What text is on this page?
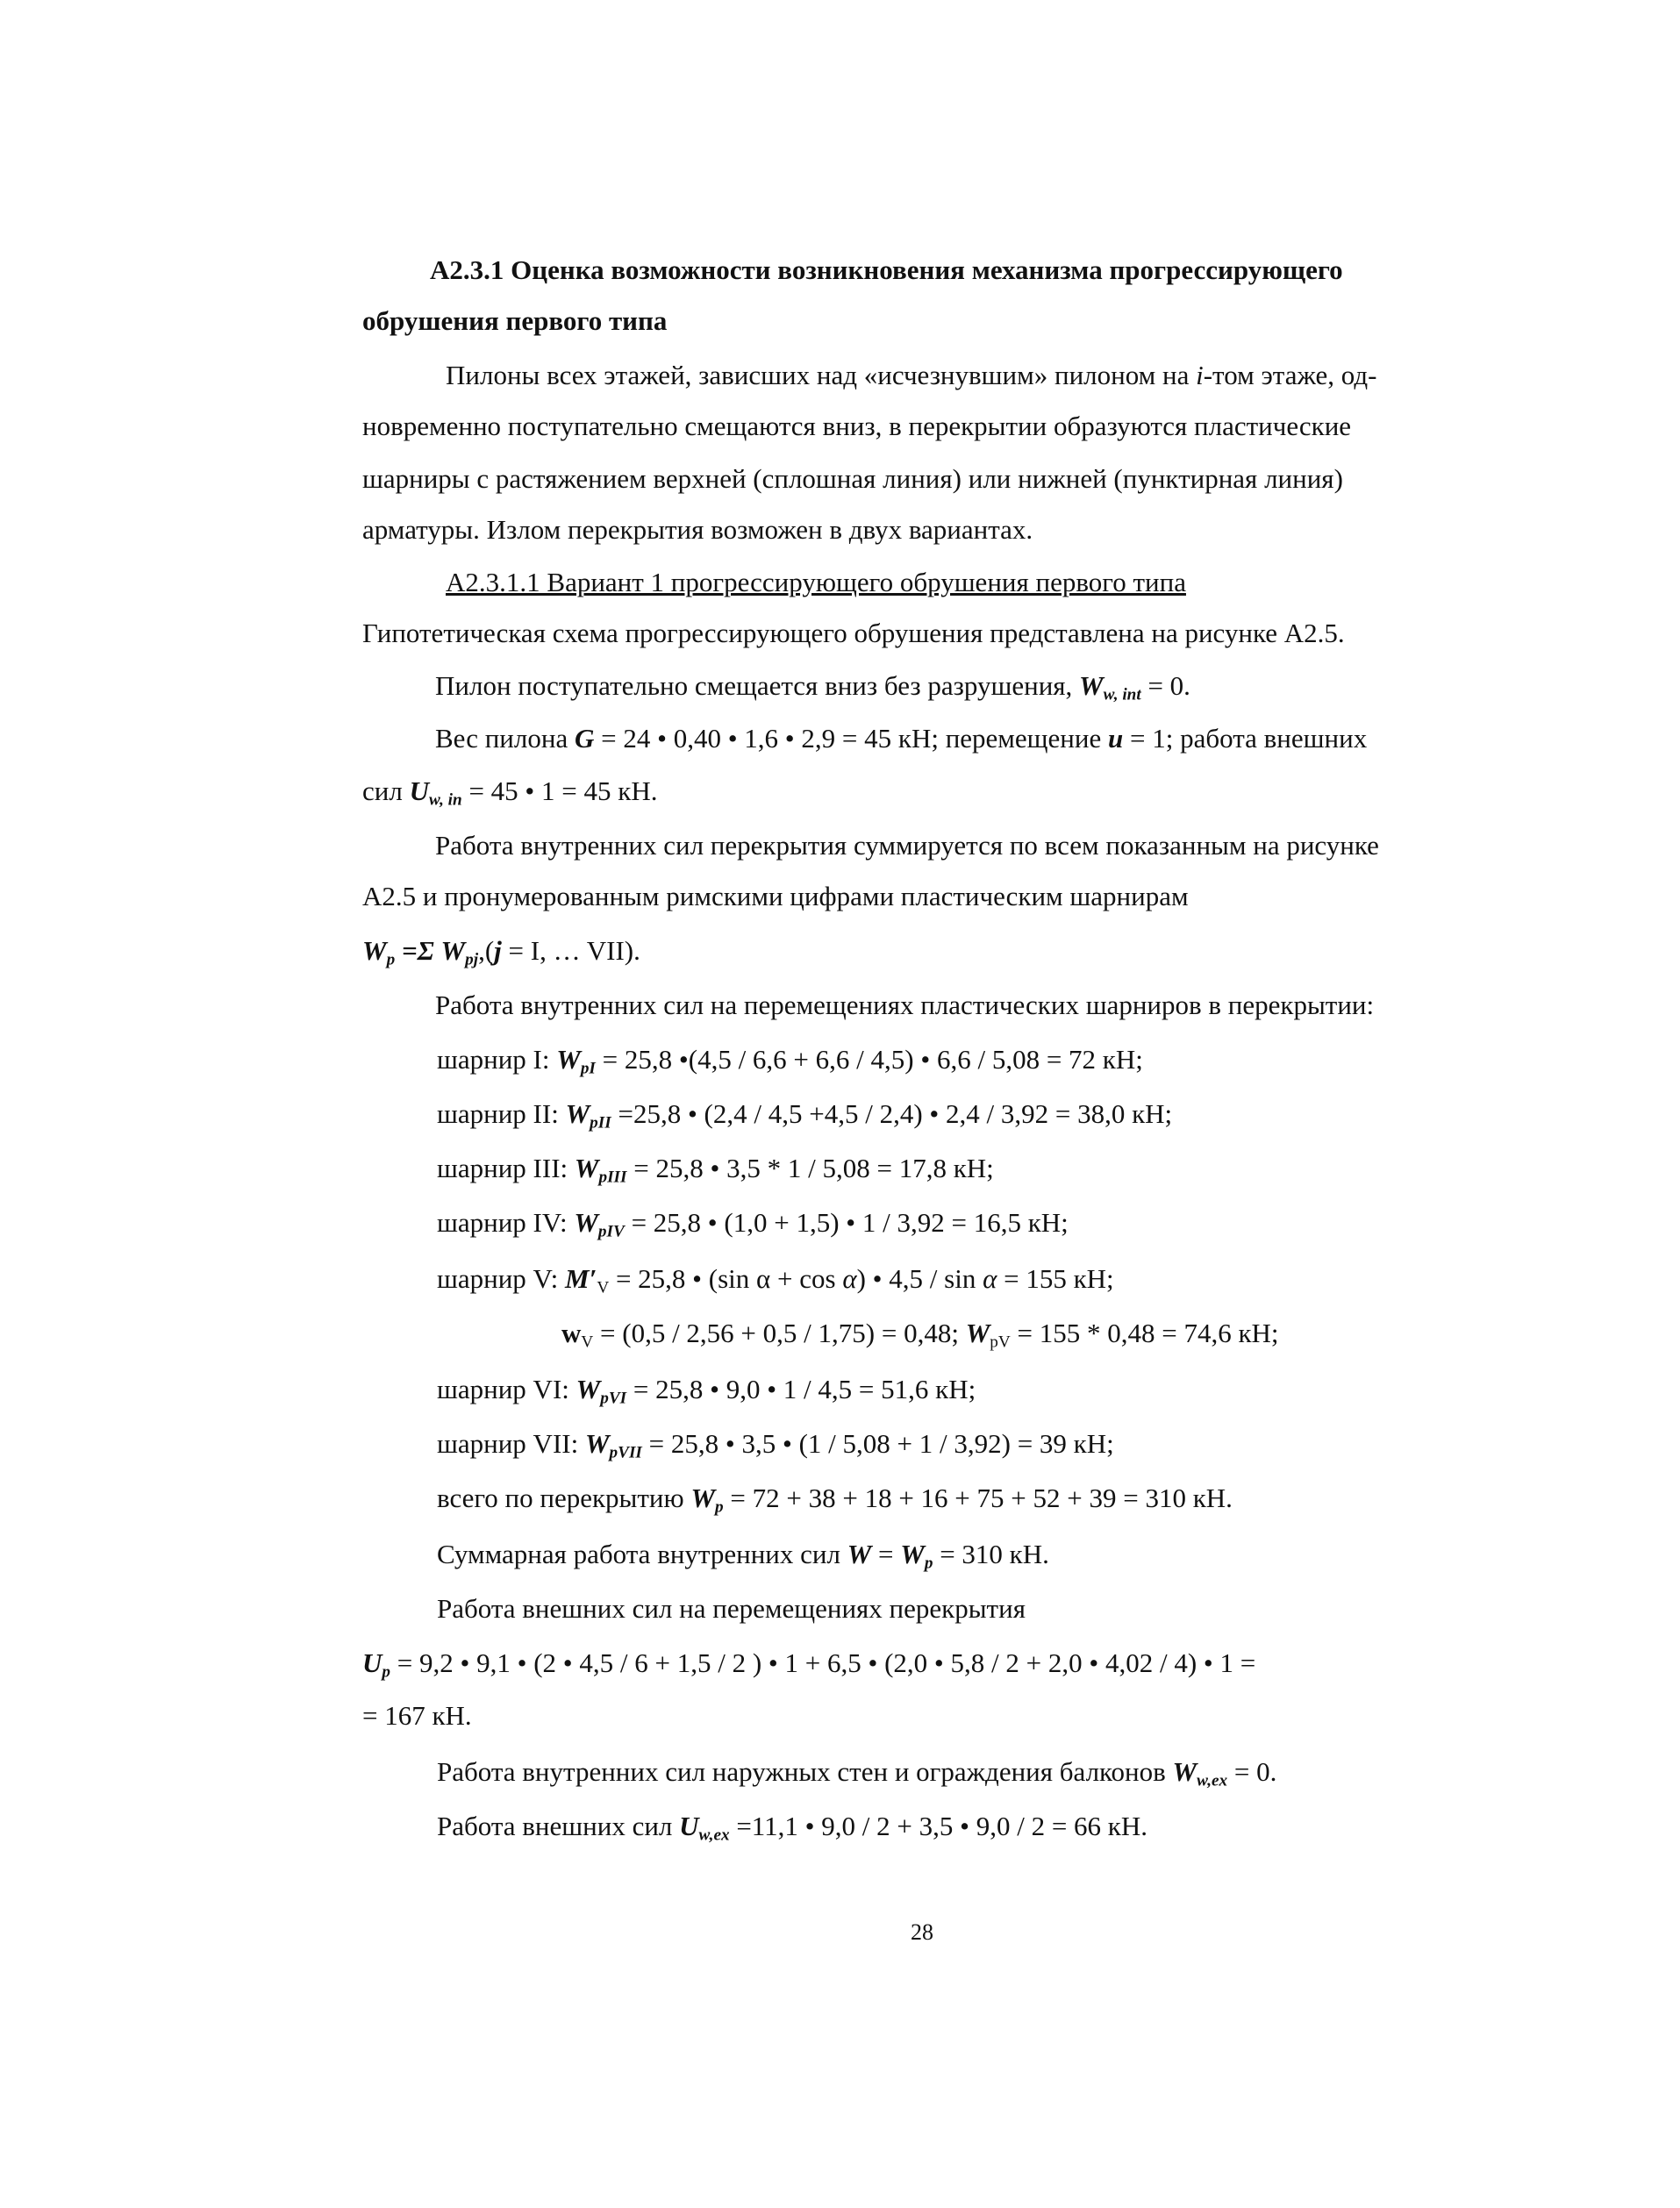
А2.3.1 Оценка возможности возникновения механизма прогрессирующего
обрушения первого типа
Пилоны всех этажей, зависших над «исчезнувшим» пилоном на i-том этаже, од-
новременно поступательно смещаются вниз, в перекрытии образуются пластические
шарниры с растяжением верхней (сплошная линия) или нижней (пунктирная линия)
арматуры. Излом перекрытия возможен в двух вариантах.
А2.3.1.1 Вариант 1 прогрессирующего обрушения первого типа
Гипотетическая схема прогрессирующего обрушения представлена на рисунке А2.5.
Пилон поступательно смещается вниз без разрушения, $W_{w, int} = 0$.
Вес пилона G = 24 • 0,40 • 1,6 • 2,9 = 45 кН; перемещение u = 1; работа внешних
сил $U_{w, in} = 45$ • 1 = 45 кН.
Работа внутренних сил перекрытия суммируется по всем показанным на рисунке
А2.5 и пронумерованным римскими цифрами пластическим шарнирам
$W_p =\Sigma$ $W_{pj},(j = I$, … VII).
Работа внутренних сил на перемещениях пластических шарниров в перекрытии:
шарнир I: $W_{pI} = 25,8$ •(4,5 / 6,6 + 6,6 / 4,5) • 6,6 / 5,08 = 72 кН;
шарнир II: $W_{pII} =25,8$ • (2,4 / 4,5 +4,5 / 2,4) • 2,4 / 3,92 = 38,0 кН;
шарнир III: $W_{pIII} = 25,8$ • 3,5 * 1 / 5,08 = 17,8 кН;
шарнир IV: $W_{pIV} = 25,8$ • (1,0 + 1,5) • 1 / 3,92 = 16,5 кН;
шарнир V: $M'_V = 25,8$ • (sin α + cos α) • 4,5 / sin α = 155 кН;
$w_V = (0,5 / 2,56 + 0,5 / 1,75) = 0,48$; $W_{pV} = 155 * 0,48 = 74,6$ кН;
шарнир VI: $W_{pVI} = 25,8$ • 9,0 • 1 / 4,5 = 51,6 кН;
шарнир VII: $W_{pVII} = 25,8$ • 3,5 • (1 / 5,08 + 1 / 3,92) = 39 кН;
всего по перекрытию $W_p = 72 + 38 + 18 + 16 + 75 + 52 + 39 = 310$ кН.
Суммарная работа внутренних сил $W = W_p = 310$ кН.
Работа внешних сил на перемещениях перекрытия
$U_p = 9,2$ • 9,1 • (2 • 4,5 / 6 + 1,5 / 2 ) • 1 + 6,5 • (2,0 • 5,8 / 2 + 2,0 • 4,02 / 4) • 1 =
= 167 кН.
Работа внутренних сил наружных стен и ограждения балконов $W_{w,ex} = 0$.
Работа внешних сил $U_{w,ex} =11,1$ • 9,0 / 2 + 3,5 • 9,0 / 2 = 66 кН.
28
